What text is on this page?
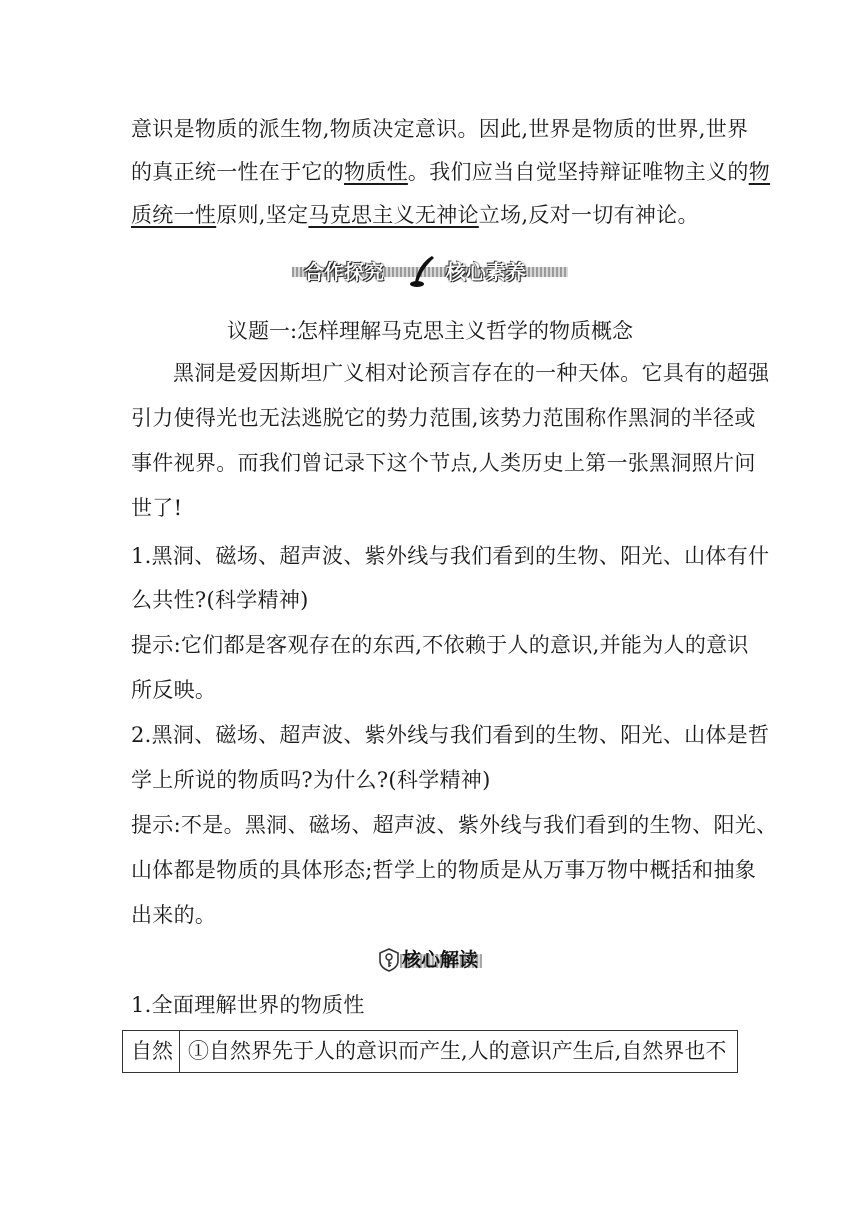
意识是物质的派生物,物质决定意识。因此,世界是物质的世界,世界
的真正统一性在于它的物质性。我们应当自觉坚持辩证唯物主义的物
质统一性原则,坚定马克思主义无神论立场,反对一切有神论。
合作探究	核心素养
议题一:怎样理解马克思主义哲学的物质概念
黑洞是爱因斯坦广义相对论预言存在的一种天体。它具有的超强
引力使得光也无法逃脱它的势力范围,该势力范围称作黑洞的半径或
事件视界。而我们曾记录下这个节点,人类历史上第一张黑洞照片问
世了!
1.黑洞、磁场、超声波、紫外线与我们看到的生物、阳光、山体有什
么共性?(科学精神)
提示:它们都是客观存在的东西,不依赖于人的意识,并能为人的意识
所反映。
2.黑洞、磁场、超声波、紫外线与我们看到的生物、阳光、山体是哲
学上所说的物质吗?为什么?(科学精神)
提示:不是。黑洞、磁场、超声波、紫外线与我们看到的生物、阳光、
山体都是物质的具体形态;哲学上的物质是从万事万物中概括和抽象
出来的。
核心解读
1.全面理解世界的物质性
自然	①自然界先于人的意识而产生,人的意识产生后,自然界也不
